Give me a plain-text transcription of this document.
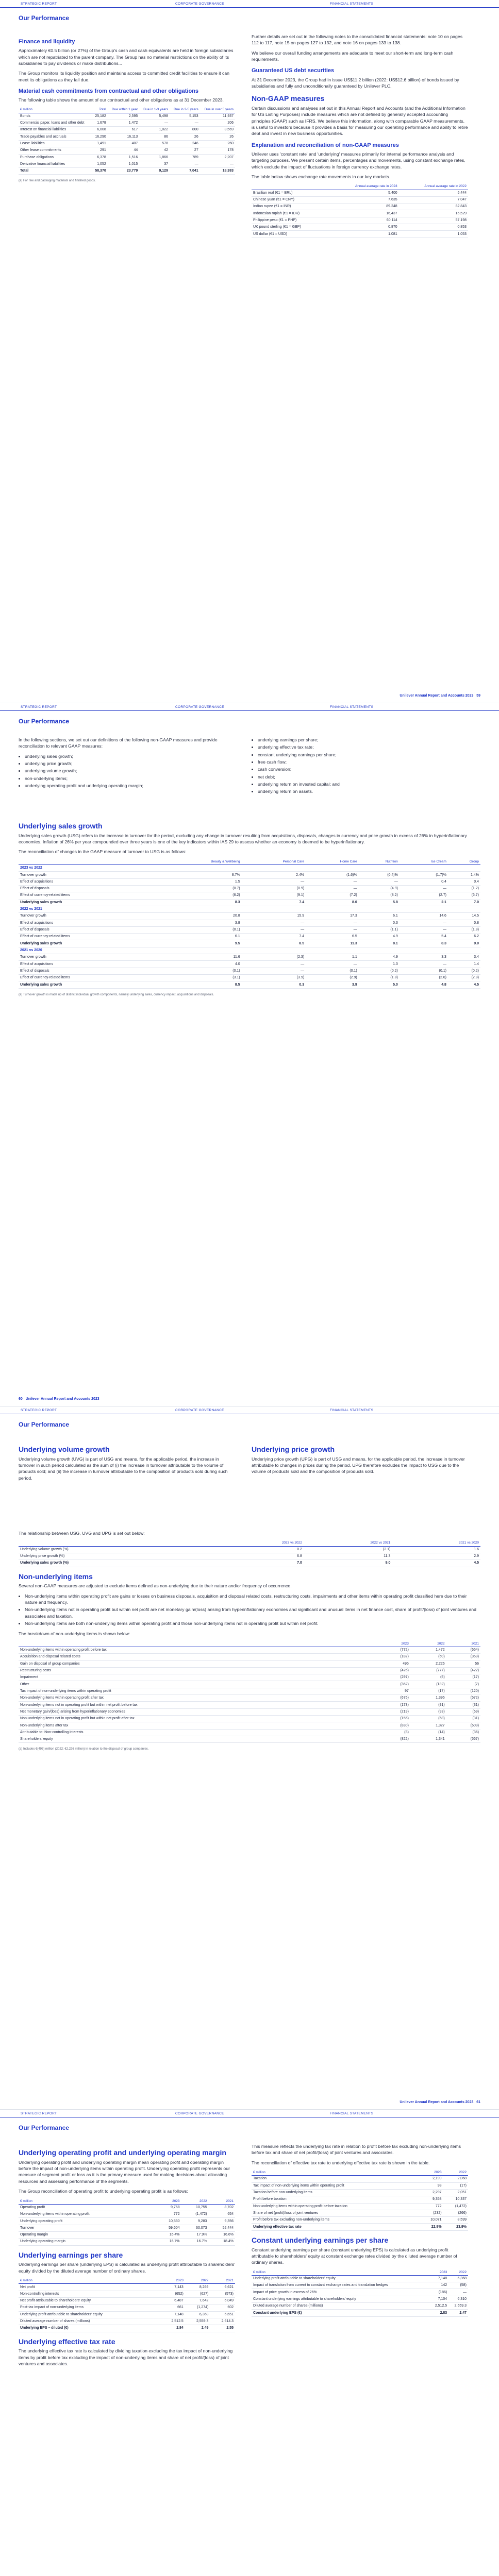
STRATEGIC REPORT	CORPORATE GOVERNANCE	FINANCIAL STATEMENTS
Our Performance
Finance and liquidity

Approximately €0.5 billion (or 27%) of the Group's cash and cash equivalents are held in foreign subsidiaries which are not repatriated to the parent company. The Group has no material restrictions on the ability of its subsidiaries to pay dividends or make distributions...

The Group monitors its liquidity position and maintains access to committed credit facilities to ensure it can meet its obligations as they fall due.

Material cash commitments from contractual and other obligations

The following table shows the amount of our contractual and other obligations as at 31 December 2023.

€ million	Total	Due within 1 year	Due in 1-3 years	Due in 3-5 years	Due in over 5 years
Bonds	25,182	2,595	5,498	5,153	11,937
Commercial paper, loans and other debt	1,678	1,472	—	—	206
Interest on financial liabilities	6,008	617	1,022	800	3,569
Trade payables and accruals	16,290	16,113	86	26	26
Lease liabilities	1,491	407	578	246	260
Other lease commitments	291	44	42	27	178
Purchase obligations	6,378	1,516	1,866	789	2,207
Derivative financial liabilities	1,052	1,015	37	—	—
Total	58,370	23,779	9,129	7,041	18,383
(a) For raw and packaging materials and finished goods.

Further details are set out in the following notes to the consolidated financial statements: note 10 on pages 112 to 117, note 15 on pages 127 to 132, and note 16 on pages 133 to 138.

We believe our overall funding arrangements are adequate to meet our short-term and long-term cash requirements.

Guaranteed US debt securities

At 31 December 2023, the Group had in issue US$11.2 billion (2022: US$12.6 billion) of bonds issued by subsidiaries and fully and unconditionally guaranteed by Unilever PLC.

Non-GAAP measures

Certain discussions and analyses set out in this Annual Report and Accounts (and the Additional Information for US Listing Purposes) include measures which are not defined by generally accepted accounting principles (GAAP) such as IFRS. We believe this information, along with comparable GAAP measurements, is useful to investors because it provides a basis for measuring our operating performance and ability to retire debt and invest in new business opportunities.

Explanation and reconciliation of non-GAAP measures

Unilever uses 'constant rate' and 'underlying' measures primarily for internal performance analysis and targeting purposes. We present certain items, percentages and movements, using constant exchange rates, which exclude the impact of fluctuations in foreign currency exchange rates.

The table below shows exchange rate movements in our key markets.

	Annual average rate in 2023	Annual average rate in 2022
Brazilian real (€1 = BRL)	5.400	5.444
Chinese yuan (€1 = CNY)	7.635	7.047
Indian rupee (€1 = INR)	89.248	82.843
Indonesian rupiah (€1 = IDR)	16,437	15,529
Philippine peso (€1 = PHP)	60.114	57.198
UK pound sterling (€1 = GBP)	0.870	0.853
US dollar (€1 = USD)	1.081	1.053
Unilever Annual Report and Accounts 2023 59
STRATEGIC REPORT	CORPORATE GOVERNANCE	FINANCIAL STATEMENTS
Our Performance

In the following sections, we set out our definitions of the following non-GAAP measures and provide reconciliation to relevant GAAP measures:

• underlying sales growth;
• underlying price growth;
• underlying volume growth;
• non-underlying items;
• underlying operating profit and underlying operating margin;
• underlying earnings per share;
• underlying effective tax rate;
• constant underlying earnings per share;
• free cash flow;
• cash conversion;
• net debt;
• underlying return on invested capital; and
• underlying return on assets.
Underlying sales growth

Underlying sales growth (USG) refers to the increase in turnover for the period, excluding any change in turnover resulting from acquisitions, disposals, changes in currency and price growth in excess of 26% in hyperinflationary economies. Inflation of 26% per year compounded over three years is one of the key indicators within IAS 29 to assess whether an economy is deemed to be hyperinflationary.

The reconciliation of changes in the GAAP measure of turnover to USG is as follows:

	Beauty & Wellbeing	Personal Care	Home Care	Nutrition	Ice Cream	Group
2023 vs 2022						
Turnover growth	8.7%	2.4%	(1.6)%	(0.4)%	(1.7)%	1.4%
Effect of acquisitions	1.5	—	—	—	0.4	0.4
Effect of disposals	(0.7)	(0.9)	—	(4.9)	—	(1.2)
Effect of currency-related items	(6.2)	(9.1)	(7.2)	(8.2)	(2.7)	(6.7)
Underlying sales growth	8.3	7.4	8.0	5.8	2.1	7.0
2022 vs 2021						
Turnover growth	20.8	15.9	17.3	6.1	14.6	14.5
Effect of acquisitions	3.8	—	—	0.3	—	0.8
Effect of disposals	(0.1)	—	—	(1.1)	—	(1.8)
Effect of currency-related items	6.1	7.4	6.5	4.9	5.4	6.2
Underlying sales growth	9.5	8.5	11.3	8.1	8.3	9.0
2021 vs 2020						
Turnover growth	11.6	(2.3)	1.1	4.9	3.3	3.4
Effect of acquisitions	4.0	—	—	1.3	—	1.4
Effect of disposals	(0.1)	—	(0.1)	(0.2)	(0.1)	(0.2)
Effect of currency-related items	(3.1)	(3.9)	(2.9)	(1.8)	(2.6)	(2.8)
Underlying sales growth	8.5	0.3	3.9	5.0	4.8	4.5
(a) Turnover growth is made up of distinct individual growth components, namely underlying sales, currency impact, acquisitions and disposals.
60 Unilever Annual Report and Accounts 2023
STRATEGIC REPORT	CORPORATE GOVERNANCE	FINANCIAL STATEMENTS
Our Performance
Underlying volume growth

Underlying volume growth (UVG) is part of USG and means, for the applicable period, the increase in turnover in such period calculated as the sum of (i) the increase in turnover attributable to the volume of products sold; and (ii) the increase in turnover attributable to the composition of products sold during such period.

Underlying price growth

Underlying price growth (UPG) is part of USG and means, for the applicable period, the increase in turnover attributable to changes in prices during the period. UPG therefore excludes the impact to USG due to the volume of products sold and the composition of products sold.

The relationship between USG, UVG and UPG is set out below:

	2023 vs 2022	2022 vs 2021	2021 vs 2020
Underlying volume growth (%)	0.2	(2.1)	1.6
Underlying price growth (%)	6.8	11.3	2.9
Underlying sales growth (%)	7.0	9.0	4.5
Non-underlying items

Several non-GAAP measures are adjusted to exclude items defined as non-underlying due to their nature and/or frequency of occurrence.

• Non-underlying items within operating profit are gains or losses on business disposals, acquisition and disposal related costs, restructuring costs, impairments and other items within operating profit classified here due to their nature and frequency.
• Non-underlying items not in operating profit but within net profit are net monetary gain/(loss) arising from hyperinflationary economies and significant and unusual items in net finance cost, share of profit/(loss) of joint ventures and associates and taxation.
• Non-underlying items are both non-underlying items within operating profit and those non-underlying items not in operating profit but within net profit.

The breakdown of non-underlying items is shown below:

	2023	2022	2021
Non-underlying items within operating profit before tax	(772)	1,472	(654)
Acquisition and disposal related costs	(182)	(50)	(353)
Gain on disposal of group companies	495	2,226	56
Restructuring costs	(426)	(777)	(422)
Impairment	(297)	(5)	(17)
Other	(362)	(132)	(7)
Tax impact of non-underlying items within operating profit	97	(17)	(120)
Non-underlying items within operating profit after tax	(675)	1,395	(572)
Non-underlying items not in operating profit but within net profit before tax	(173)	(91)	(31)
Net monetary gain/(loss) arising from hyperinflationary economies	(219)	(93)	(69)
Non-underlying items not in operating profit but within net profit after tax	(155)	(68)	(31)
Non-underlying items after tax	(830)	1,327	(603)
Attributable to: Non-controlling interests	(8)	(14)	(36)
Shareholders' equity	(822)	1,341	(567)
(a) Includes €(495) million (2022: €2,226 million) in relation to the disposal of group companies.
Unilever Annual Report and Accounts 2023 61
STRATEGIC REPORT	CORPORATE GOVERNANCE	FINANCIAL STATEMENTS
Our Performance
Underlying operating profit and underlying operating margin

Underlying operating profit and underlying operating margin mean operating profit and operating margin before the impact of non-underlying items within operating profit. Underlying operating profit represents our measure of segment profit or loss as it is the primary measure used for making decisions about allocating resources and assessing performance of the segments.

The Group reconciliation of operating profit to underlying operating profit is as follows:

€ million	2023	2022	2021
Operating profit	9,758	10,755	8,702
Non-underlying items within operating profit	772	(1,472)	654
Underlying operating profit	10,530	9,283	9,356
Turnover	59,604	60,073	52,444
Operating margin	16.4%	17.9%	16.6%
Underlying operating margin	16.7%	16.7%	18.4%
Underlying earnings per share

Underlying earnings per share (underlying EPS) is calculated as underlying profit attributable to shareholders' equity divided by the diluted average number of ordinary shares.

€ million	2023	2022	2021
Net profit	7,143	8,269	6,621
Non-controlling interests	(652)	(627)	(573)
Net profit attributable to shareholders' equity	6,487	7,642	6,049
Post-tax impact of non-underlying items	661	(1,274)	602
Underlying profit attributable to shareholders' equity	7,148	6,368	6,651
Diluted average number of shares (millions)	2,512.5	2,559.3	2,614.3
Underlying EPS – diluted (€)	2.84	2.49	2.55
Underlying effective tax rate

The underlying effective tax rate is calculated by dividing taxation excluding the tax impact of non-underlying items by profit before tax excluding the impact of non-underlying items and share of net profit/(loss) of joint ventures and associates.

This measure reflects the underlying tax rate in relation to profit before tax excluding non-underlying items before tax and share of net profit/(loss) of joint ventures and associates.

The reconciliation of effective tax rate to underlying effective tax rate is shown in the table.

€ million	2023	2022
Taxation	2,199	2,068
Tax impact of non-underlying items within operating profit	98	(17)
Taxation before non-underlying items	2,297	2,051
Profit before taxation	9,358	10,337
Non-underlying items within operating profit before taxation	772	(1,472)
Share of net (profit)/loss of joint ventures	(232)	(266)
Profit before tax excluding non-underlying items	10,071	8,599
Underlying effective tax rate	22.8%	23.9%
Constant underlying earnings per share

Constant underlying earnings per share (constant underlying EPS) is calculated as underlying profit attributable to shareholders' equity at constant exchange rates divided by the diluted average number of ordinary shares.

€ million	2023	2022
Underlying profit attributable to shareholders' equity	7,148	6,368
Impact of translation from current to constant exchange rates and translation hedges	142	(58)
Impact of price growth in excess of 26%	(186)	—
Constant underlying earnings attributable to shareholders' equity	7,104	6,310
Diluted average number of shares (millions)	2,512.5	2,559.3
Constant underlying EPS (€)	2.83	2.47
